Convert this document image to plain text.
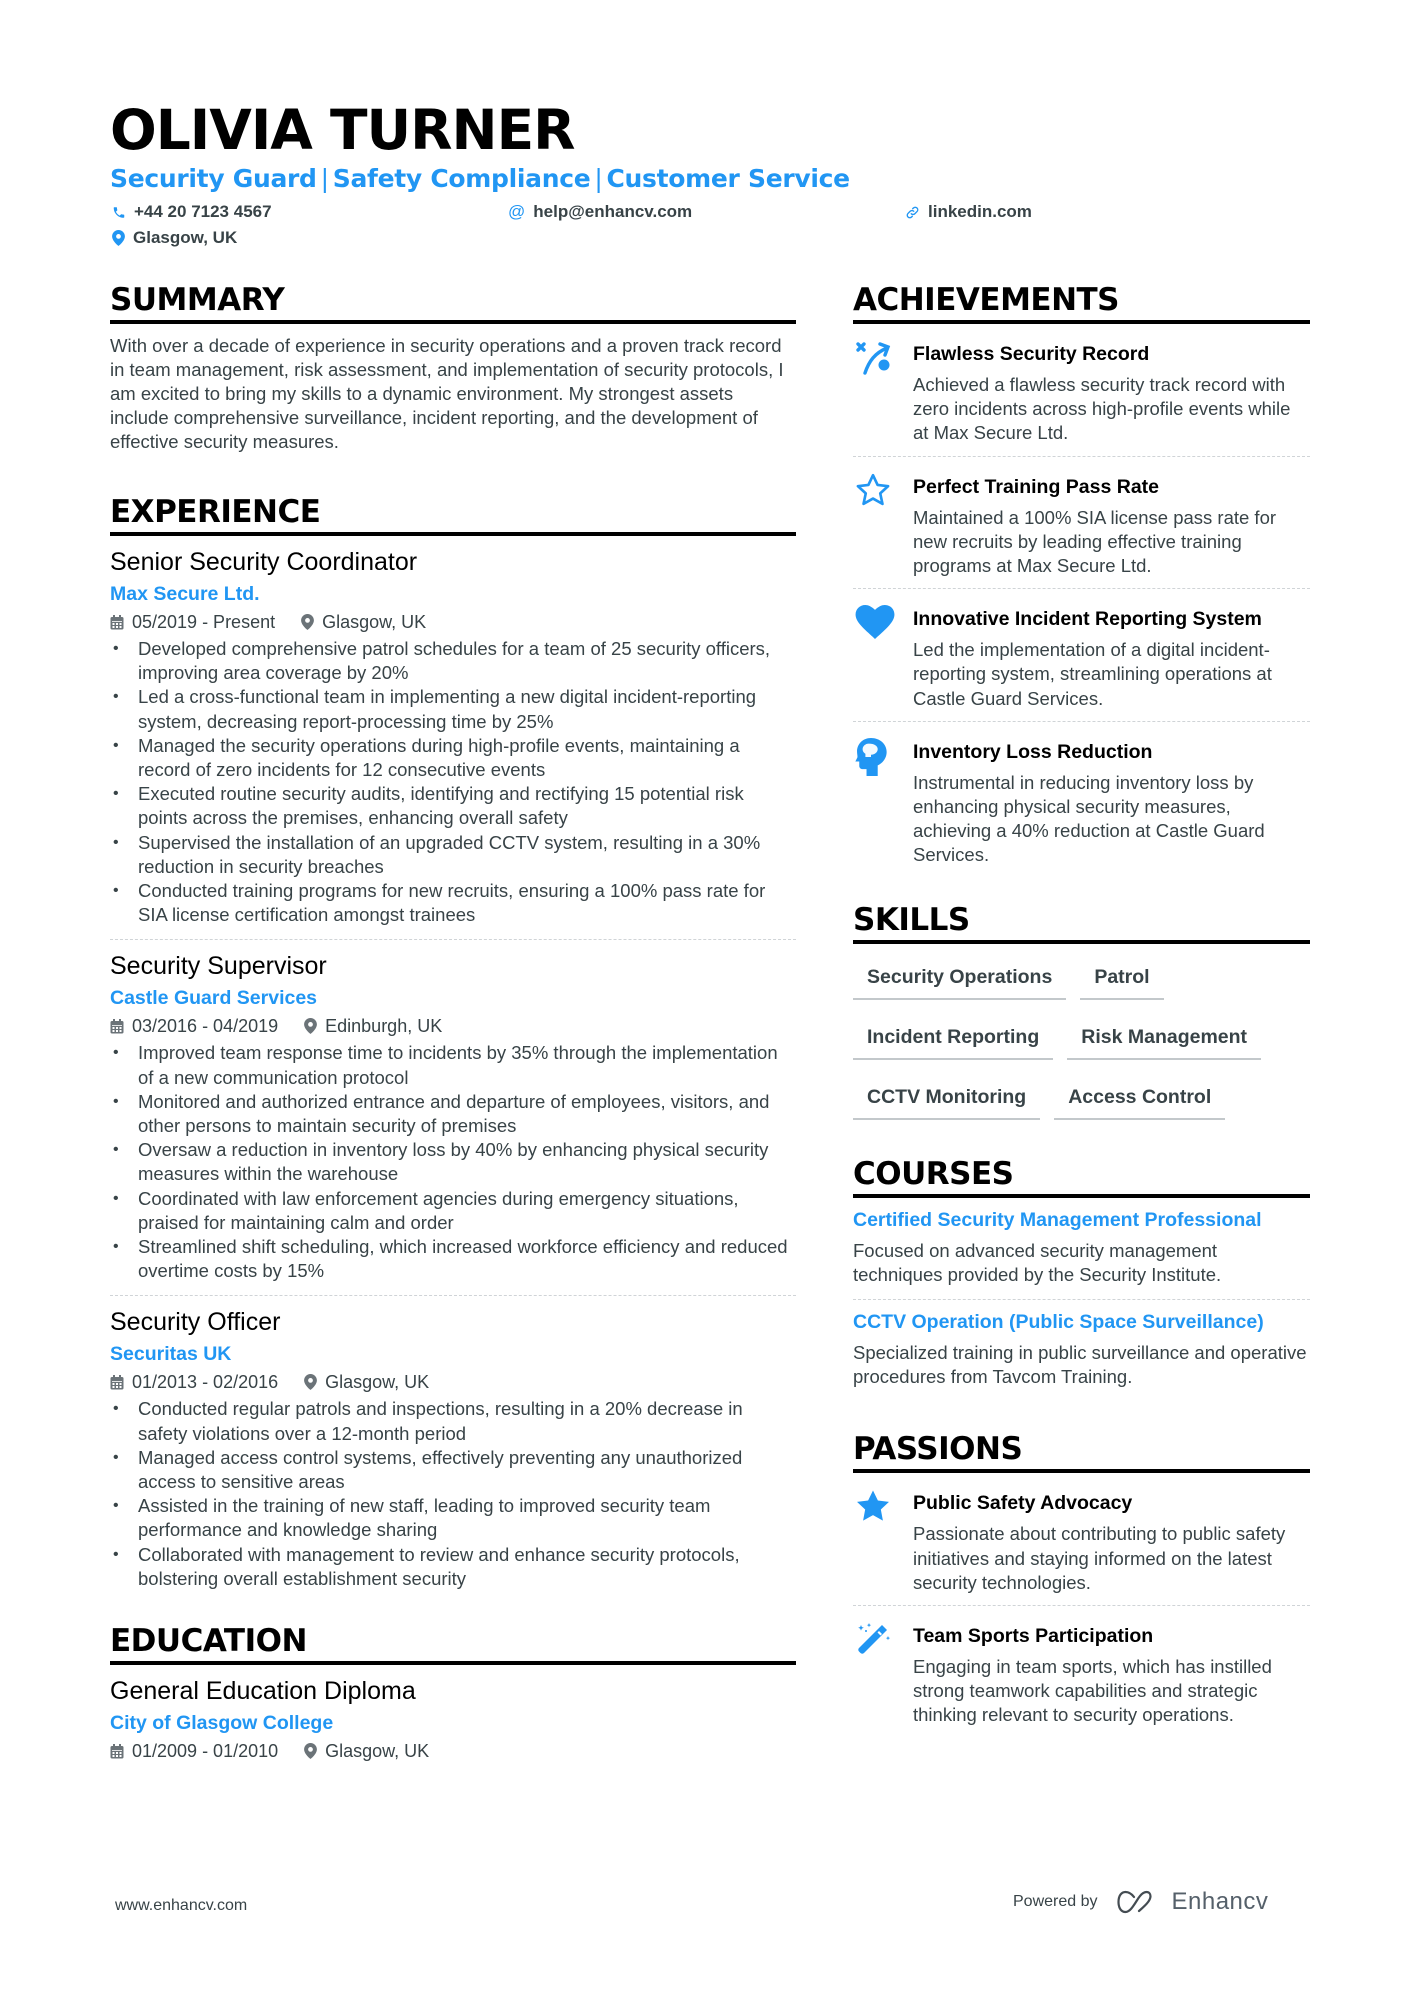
OLIVIA TURNER
Security Guard | Safety Compliance | Customer Service
+44 20 7123 4567	@ help@enhancv.com	linkedin.com
Glasgow, UK
SUMMARY
With over a decade of experience in security operations and a proven track record in team management, risk assessment, and implementation of security protocols, I am excited to bring my skills to a dynamic environment. My strongest assets include comprehensive surveillance, incident reporting, and the development of effective security measures.
EXPERIENCE
Senior Security Coordinator
Max Secure Ltd.
05/2019 - Present	Glasgow, UK
• Developed comprehensive patrol schedules for a team of 25 security officers, improving area coverage by 20%
• Led a cross-functional team in implementing a new digital incident-reporting system, decreasing report-processing time by 25%
• Managed the security operations during high-profile events, maintaining a record of zero incidents for 12 consecutive events
• Executed routine security audits, identifying and rectifying 15 potential risk points across the premises, enhancing overall safety
• Supervised the installation of an upgraded CCTV system, resulting in a 30% reduction in security breaches
• Conducted training programs for new recruits, ensuring a 100% pass rate for SIA license certification amongst trainees
Security Supervisor
Castle Guard Services
03/2016 - 04/2019	Edinburgh, UK
• Improved team response time to incidents by 35% through the implementation of a new communication protocol
• Monitored and authorized entrance and departure of employees, visitors, and other persons to maintain security of premises
• Oversaw a reduction in inventory loss by 40% by enhancing physical security measures within the warehouse
• Coordinated with law enforcement agencies during emergency situations, praised for maintaining calm and order
• Streamlined shift scheduling, which increased workforce efficiency and reduced overtime costs by 15%
Security Officer
Securitas UK
01/2013 - 02/2016	Glasgow, UK
• Conducted regular patrols and inspections, resulting in a 20% decrease in safety violations over a 12-month period
• Managed access control systems, effectively preventing any unauthorized access to sensitive areas
• Assisted in the training of new staff, leading to improved security team performance and knowledge sharing
• Collaborated with management to review and enhance security protocols, bolstering overall establishment security
EDUCATION
General Education Diploma
City of Glasgow College
01/2009 - 01/2010	Glasgow, UK
ACHIEVEMENTS
Flawless Security Record
Achieved a flawless security track record with zero incidents across high-profile events while at Max Secure Ltd.
Perfect Training Pass Rate
Maintained a 100% SIA license pass rate for new recruits by leading effective training programs at Max Secure Ltd.
Innovative Incident Reporting System
Led the implementation of a digital incident-reporting system, streamlining operations at Castle Guard Services.
Inventory Loss Reduction
Instrumental in reducing inventory loss by enhancing physical security measures, achieving a 40% reduction at Castle Guard Services.
SKILLS
Security Operations	Patrol
Incident Reporting	Risk Management
CCTV Monitoring	Access Control
COURSES
Certified Security Management Professional
Focused on advanced security management techniques provided by the Security Institute.
CCTV Operation (Public Space Surveillance)
Specialized training in public surveillance and operative procedures from Tavcom Training.
PASSIONS
Public Safety Advocacy
Passionate about contributing to public safety initiatives and staying informed on the latest security technologies.
Team Sports Participation
Engaging in team sports, which has instilled strong teamwork capabilities and strategic thinking relevant to security operations.
www.enhancv.com	Powered by	Enhancv
